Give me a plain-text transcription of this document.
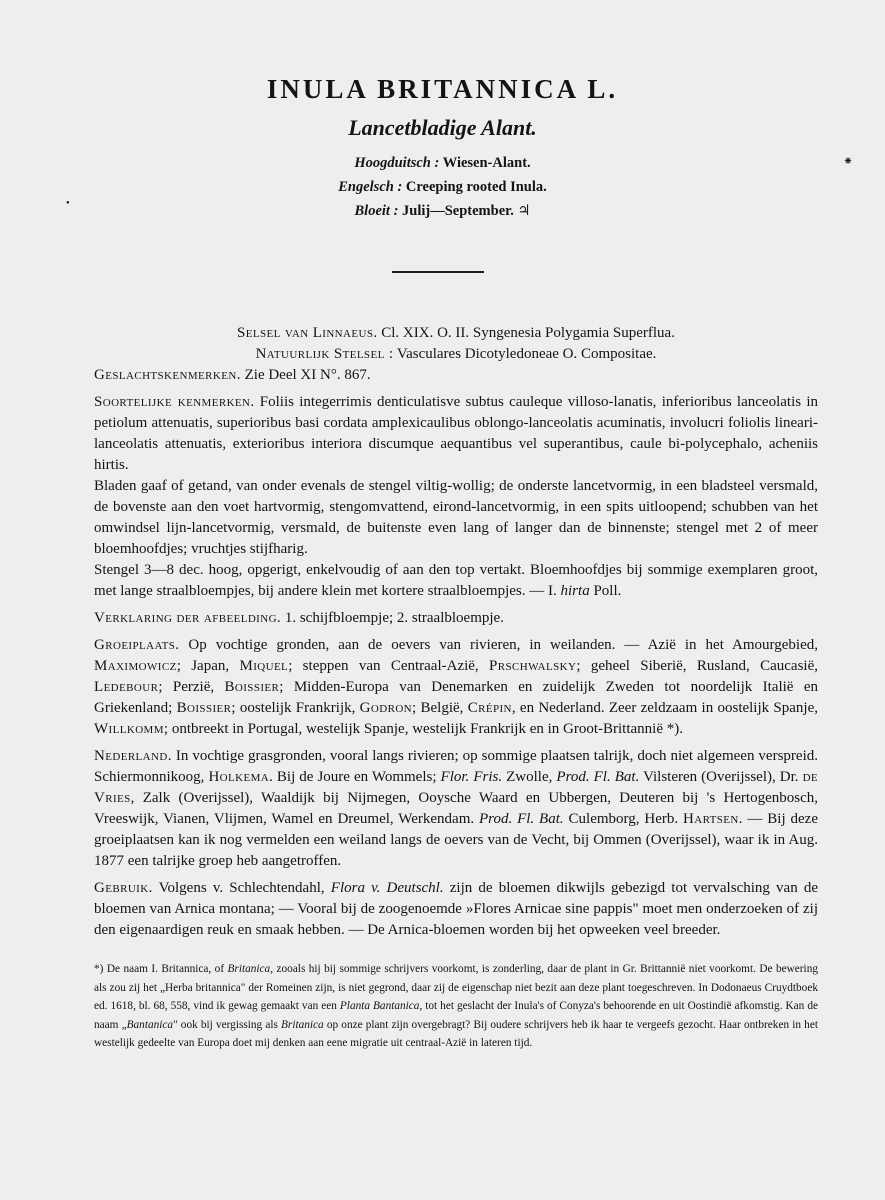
INULA BRITANNICA L.
Lancetbladige Alant.
Hoogduitsch : Wiesen-Alant.
Engelsch : Creeping rooted Inula.
Bloeit : Julij—September. ♃
⁕
●
Selsel van Linnaeus. Cl. XIX. O. II. Syngenesia Polygamia Superflua.
Natuurlijk Stelsel : Vasculares Dicotyledoneae O. Compositae.
Geslachtskenmerken. Zie Deel XI N°. 867.
Soortelijke kenmerken. Foliis integerrimis denticulatisve subtus cauleque villoso-lanatis, inferioribus lanceolatis in petiolum attenuatis, superioribus basi cordata amplexicaulibus oblongo-lanceolatis acuminatis, involucri foliolis lineari-lanceolatis attenuatis, exterioribus interiora discumque aequantibus vel superantibus, caule bi-polycephalo, acheniis hirtis.
Bladen gaaf of getand, van onder evenals de stengel viltig-wollig; de onderste lancetvormig, in een bladsteel versmald, de bovenste aan den voet hartvormig, stengomvattend, eirond-lancetvormig, in een spits uitloopend; schubben van het omwindsel lijn-lancetvormig, versmald, de buitenste even lang of langer dan de binnenste; stengel met 2 of meer bloemhoofdjes; vruchtjes stijfharig.
Stengel 3—8 dec. hoog, opgerigt, enkelvoudig of aan den top vertakt. Bloemhoofdjes bij sommige exemplaren groot, met lange straalbloempjes, bij andere klein met kortere straalbloempjes. — I. hirta Poll.
Verklaring der afbeelding. 1. schijfbloempje; 2. straalbloempje.
Groeiplaats. Op vochtige gronden, aan de oevers van rivieren, in weilanden. — Azië in het Amourgebied, Maximowicz; Japan, Miquel; steppen van Centraal-Azië, Prschwalsky; geheel Siberië, Rusland, Caucasië, Ledebour; Perzië, Boissier; Midden-Europa van Denemarken en zuidelijk Zweden tot noordelijk Italië en Griekenland; Boissier; oostelijk Frankrijk, Godron; België, Crépin, en Nederland. Zeer zeldzaam in oostelijk Spanje, Willkomm; ontbreekt in Portugal, westelijk Spanje, westelijk Frankrijk en in Groot-Brittannië *).
Nederland. In vochtige grasgronden, vooral langs rivieren; op sommige plaatsen talrijk, doch niet algemeen verspreid. Schiermonnikoog, Holkema. Bij de Joure en Wommels; Flor. Fris. Zwolle, Prod. Fl. Bat. Vilsteren (Overijssel), Dr. de Vries, Zalk (Overijssel), Waaldijk bij Nijmegen, Ooysche Waard en Ubbergen, Deuteren bij 's Hertogenbosch, Vreeswijk, Vianen, Vlijmen, Wamel en Dreumel, Werkendam. Prod. Fl. Bat. Culemborg, Herb. Hartsen. — Bij deze groeiplaatsen kan ik nog vermelden een weiland langs de oevers van de Vecht, bij Ommen (Overijssel), waar ik in Aug. 1877 een talrijke groep heb aangetroffen.
Gebruik. Volgens v. Schlechtendahl, Flora v. Deutschl. zijn de bloemen dikwijls gebezigd tot vervalsching van de bloemen van Arnica montana; — Vooral bij de zoogenoemde »Flores Arnicae sine pappis" moet men onderzoeken of zij den eigenaardigen reuk en smaak hebben. — De Arnica-bloemen worden bij het opweeken veel breeder.
*) De naam I. Britannica, of Britanica, zooals hij bij sommige schrijvers voorkomt, is zonderling, daar de plant in Gr. Brittannië niet voorkomt. De bewering als zou zij het „Herba britannica" der Romeinen zijn, is niet gegrond, daar zij de eigenschap niet bezit aan deze plant toegeschreven. In Dodonaeus Cruydtboek ed. 1618, bl. 68, 558, vind ik gewag gemaakt van een Planta Bantanica, tot het geslacht der Inula's of Conyza's behoorende en uit Oostindië afkomstig. Kan de naam „Bantanica" ook bij vergissing als Britanica op onze plant zijn overgebragt? Bij oudere schrijvers heb ik haar te vergeefs gezocht. Haar ontbreken in het westelijk gedeelte van Europa doet mij denken aan eene migratie uit centraal-Azië in lateren tijd.
